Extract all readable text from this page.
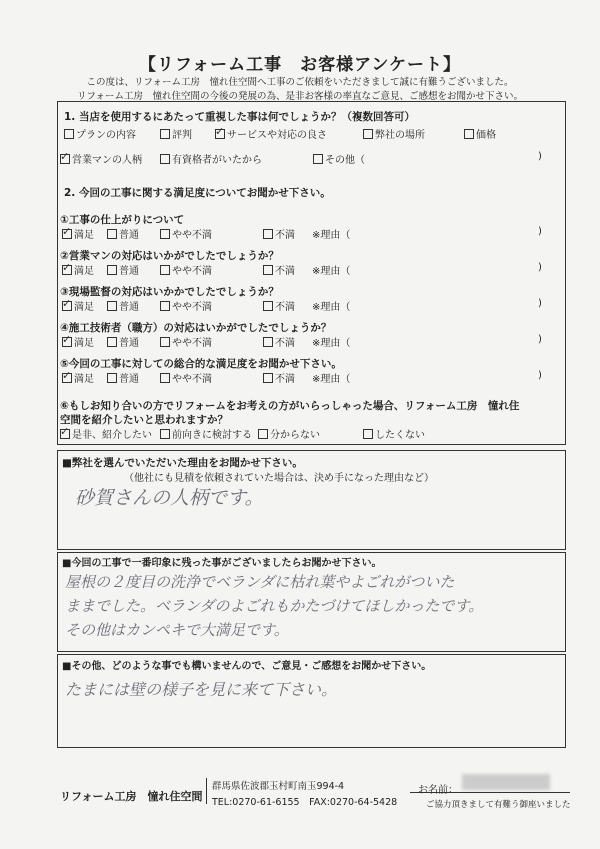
【リフォーム工事　お客様アンケート】
この度は、リフォーム工房　憧れ住空間へ工事のご依頼をいただきまして誠に有難うございました。
リフォーム工房　憧れ住空間の今後の発展の為、是非お客様の率直なご意見、ご感想をお聞かせ下さい。
1. 当店を使用するにあたって重視した事は何でしょうか？（複数回答可）
プランの内容	評判
✓	サービスや対応の良さ	弊社の場所	価格
✓営業マンの人柄	有資格者がいたから	その他（	)
2. 今回の工事に関する満足度についてお聞かせ下さい。
①工事の仕上がりについて
✓満足	普通	やや不満	不満 ※理由（	)
②営業マンの対応はいかがでしたでしょうか？
✓満足	普通	やや不満	不満 ※理由（	)
③現場監督の対応はいかかでしたでしょうか？
✓満足	普通	やや不満	不満 ※理由（	)
④施工技術者（職方）の対応はいかがでしたでしょうか？
✓満足	普通	やや不満	不満 ※理由（	)
⑤今回の工事に対しての総合的な満足度をお聞かせ下さい。
✓満足	普通	やや不満	不満 ※理由（	)
⑥もしお知り合いの方でリフォームをお考えの方がいらっしゃった場合、リフォーム工房　憧れ住
空間を紹介したいと思われますか？
✓是非、紹介したい	前向きに検討する	分からない	したくない
■弊社を選んでいただいた理由をお聞かせ下さい。
（他社にも見積を依頼されていた場合は、決め手になった理由など）
砂賀さんの人柄です。
■今回の工事で一番印象に残った事がございましたらお聞かせ下さい。
屋根の２度目の洗浄でベランダに枯れ葉やよごれがついた
ままでした。ベランダのよごれもかたづけてほしかったです。
その他はカンペキで大満足です。
■その他、どのような事でも構いませんので、ご意見・ご感想をお聞かせ下さい。
たまには壁の様子を見に来て下さい。
リフォーム工房　憧れ住空間
群馬県佐波郡玉村町南玉994-4
TEL:0270-61-6155　FAX:0270-64-5428
お名前：
ご協力頂きまして有難う御座いました
